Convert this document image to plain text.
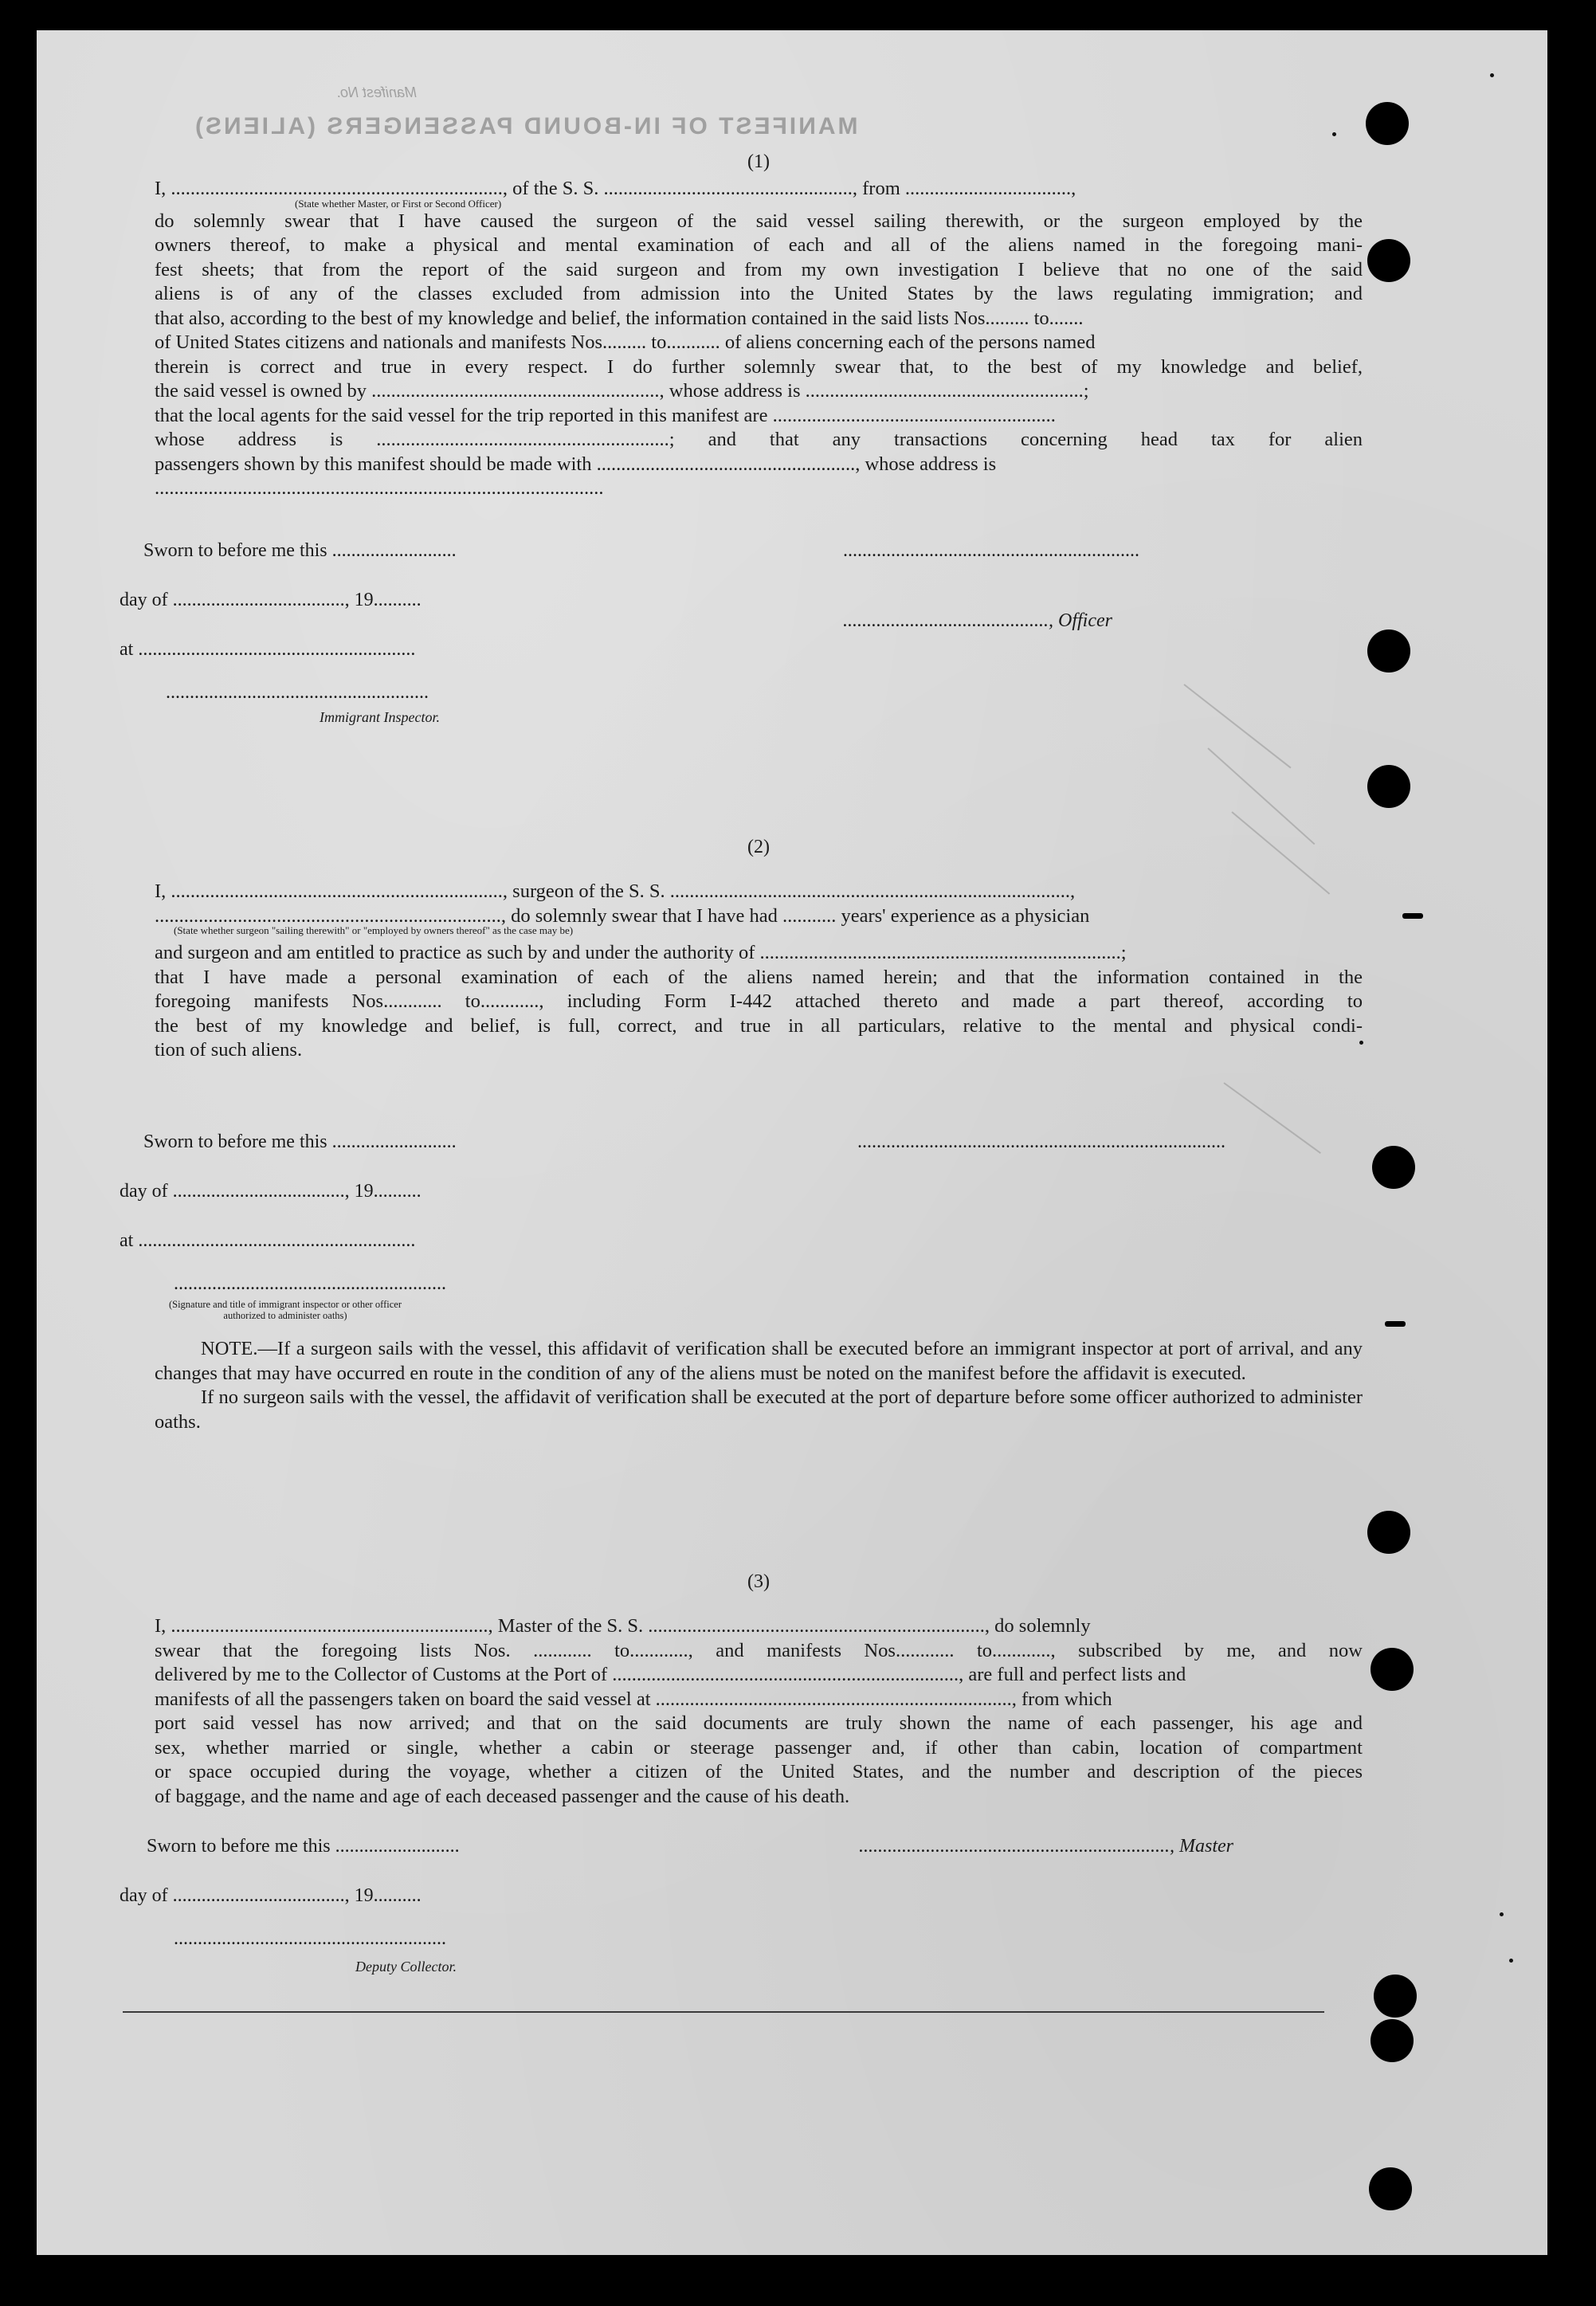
MANIFEST OF IN-BOUND PASSENGERS (ALIENS)
Manifest No.
(1)
I, ...................................................................., of the S. S. ..................................................., from ..................................,
(State whether Master, or First or Second Officer)
do solemnly swear that I have caused the surgeon of the said vessel sailing therewith, or the surgeon employed by the
owners thereof, to make a physical and mental examination of each and all of the aliens named in the foregoing mani-
fest sheets; that from the report of the said surgeon and from my own investigation I believe that no one of the said
aliens is of any of the classes excluded from admission into the United States by the laws regulating immigration; and
that also, according to the best of my knowledge and belief, the information contained in the said lists Nos......... to.......
of United States citizens and nationals and manifests Nos......... to........... of aliens concerning each of the persons named
therein is correct and true in every respect. I do further solemnly swear that, to the best of my knowledge and belief,
the said vessel is owned by ..........................................................., whose address is .........................................................;
that the local agents for the said vessel for the trip reported in this manifest are ..........................................................
whose address is ............................................................; and that any transactions concerning head tax for alien
passengers shown by this manifest should be made with ....................................................., whose address is
............................................................................................
Sworn to before me this ..........................	..............................................................
day of ...................................., 19..........
..........................................., Officer
at ..........................................................
.......................................................
Immigrant Inspector.
(2)
I, ...................................................................., surgeon of the S. S. ..................................................................................,
......................................................................., do solemnly swear that I have had ........... years' experience as a physician
(State whether surgeon "sailing therewith" or "employed by owners thereof" as the case may be)
and surgeon and am entitled to practice as such by and under the authority of ..........................................................................;
that I have made a personal examination of each of the aliens named herein; and that the information contained in the
foregoing manifests Nos............ to............, including Form I-442 attached thereto and made a part thereof, according to
the best of my knowledge and belief, is full, correct, and true in all particulars, relative to the mental and physical condi-
tion of such aliens.
Sworn to before me this ..........................	.............................................................................
day of ...................................., 19..........
at ..........................................................
.........................................................
(Signature and title of immigrant inspector or other officer authorized to administer oaths)

NOTE.—If a surgeon sails with the vessel, this affidavit of verification shall be executed before an immigrant inspector at port of arrival, and any changes that may have occurred en route in the condition of any of the aliens must be noted on the manifest before the affidavit is executed.

If no surgeon sails with the vessel, the affidavit of verification shall be executed at the port of departure before some officer authorized to administer oaths.

(3)
I, ................................................................., Master of the S. S. ....................................................................., do solemnly
swear that the foregoing lists Nos. ............ to............, and manifests Nos............ to............, subscribed by me, and now
delivered by me to the Collector of Customs at the Port of ......................................................................., are full and perfect lists and
manifests of all the passengers taken on board the said vessel at ........................................................................., from which
port said vessel has now arrived; and that on the said documents are truly shown the name of each passenger, his age and
sex, whether married or single, whether a cabin or steerage passenger and, if other than cabin, location of compartment
or space occupied during the voyage, whether a citizen of the United States, and the number and description of the pieces
of baggage, and the name and age of each deceased passenger and the cause of his death.
Sworn to before me this ..........................	................................................................., Master
day of ...................................., 19..........
.........................................................
Deputy Collector.
